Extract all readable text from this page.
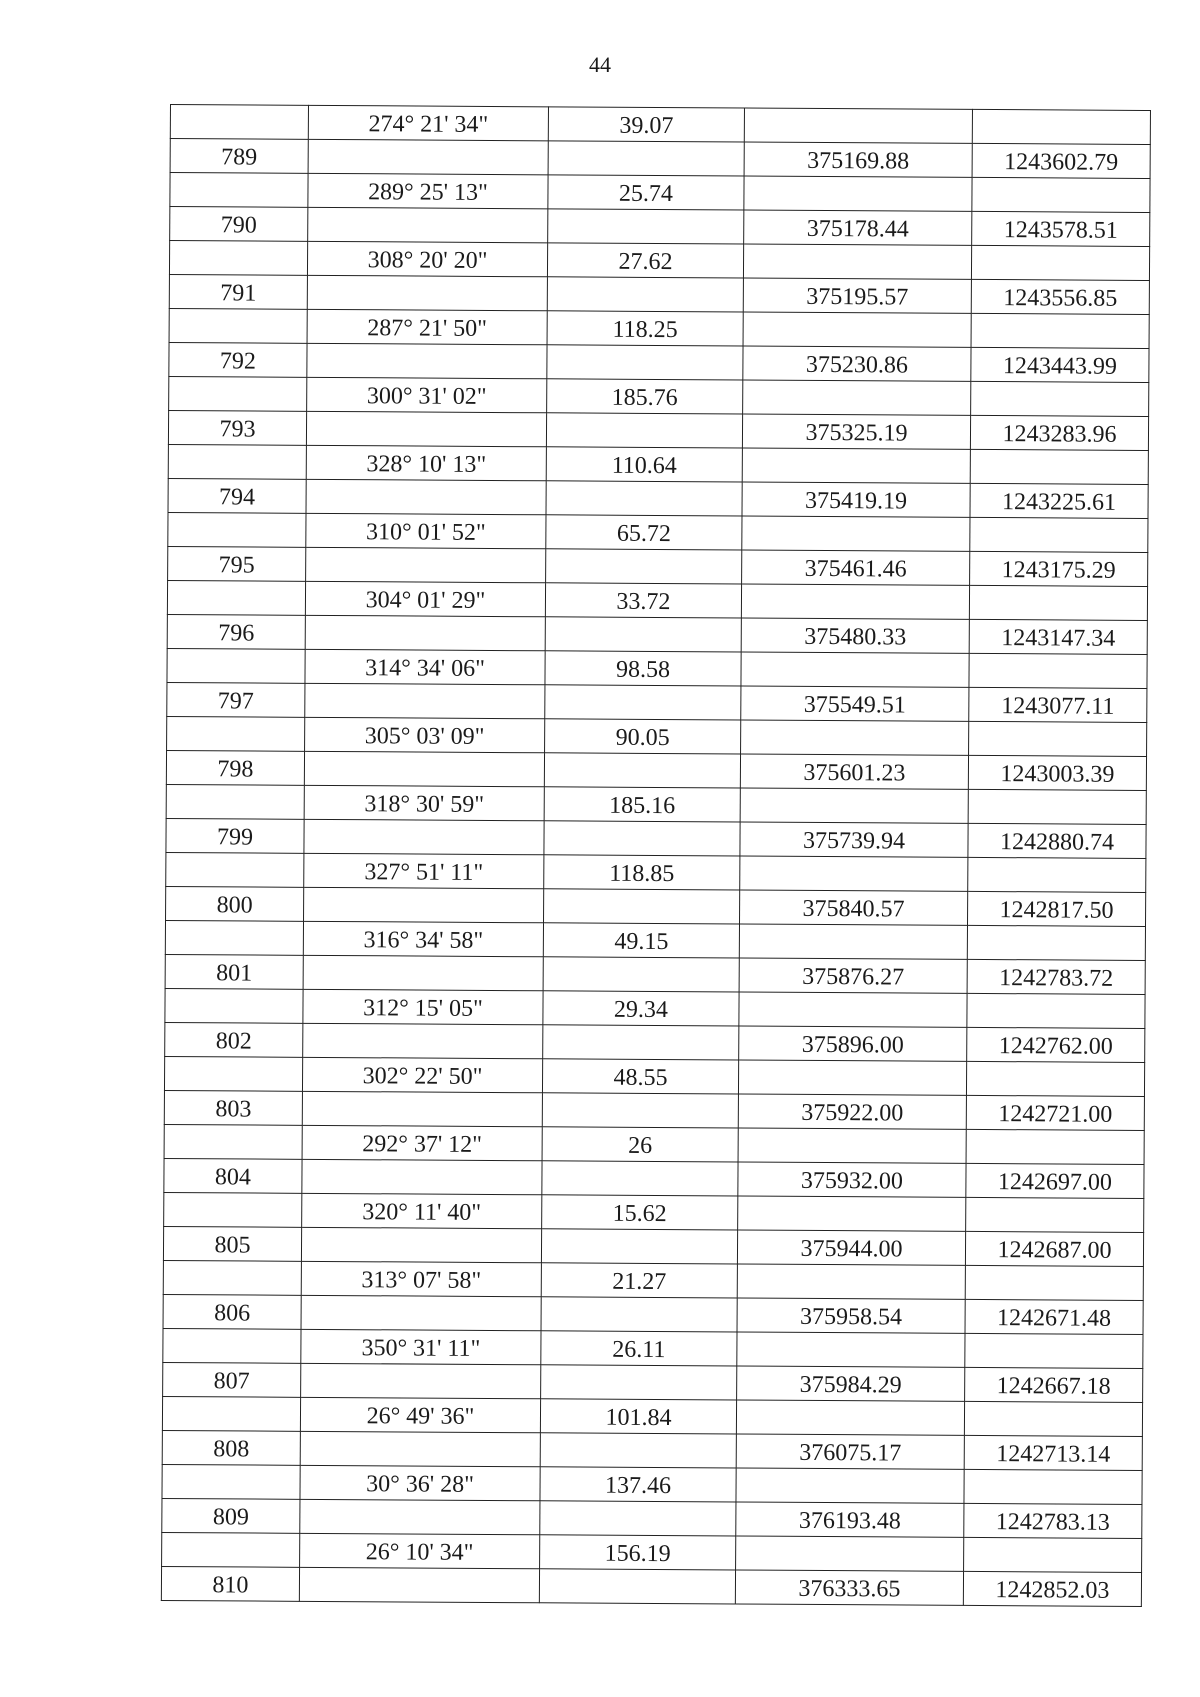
44
	274° 21' 34"	39.07		
789			375169.88	1243602.79
	289° 25' 13"	25.74		
790			375178.44	1243578.51
	308° 20' 20"	27.62		
791			375195.57	1243556.85
	287° 21' 50"	118.25		
792			375230.86	1243443.99
	300° 31' 02"	185.76		
793			375325.19	1243283.96
	328° 10' 13"	110.64		
794			375419.19	1243225.61
	310° 01' 52"	65.72		
795			375461.46	1243175.29
	304° 01' 29"	33.72		
796			375480.33	1243147.34
	314° 34' 06"	98.58		
797			375549.51	1243077.11
	305° 03' 09"	90.05		
798			375601.23	1243003.39
	318° 30' 59"	185.16		
799			375739.94	1242880.74
	327° 51' 11"	118.85		
800			375840.57	1242817.50
	316° 34' 58"	49.15		
801			375876.27	1242783.72
	312° 15' 05"	29.34		
802			375896.00	1242762.00
	302° 22' 50"	48.55		
803			375922.00	1242721.00
	292° 37' 12"	26		
804			375932.00	1242697.00
	320° 11' 40"	15.62		
805			375944.00	1242687.00
	313° 07' 58"	21.27		
806			375958.54	1242671.48
	350° 31' 11"	26.11		
807			375984.29	1242667.18
	26° 49' 36"	101.84		
808			376075.17	1242713.14
	30° 36' 28"	137.46		
809			376193.48	1242783.13
	26° 10' 34"	156.19		
810			376333.65	1242852.03
